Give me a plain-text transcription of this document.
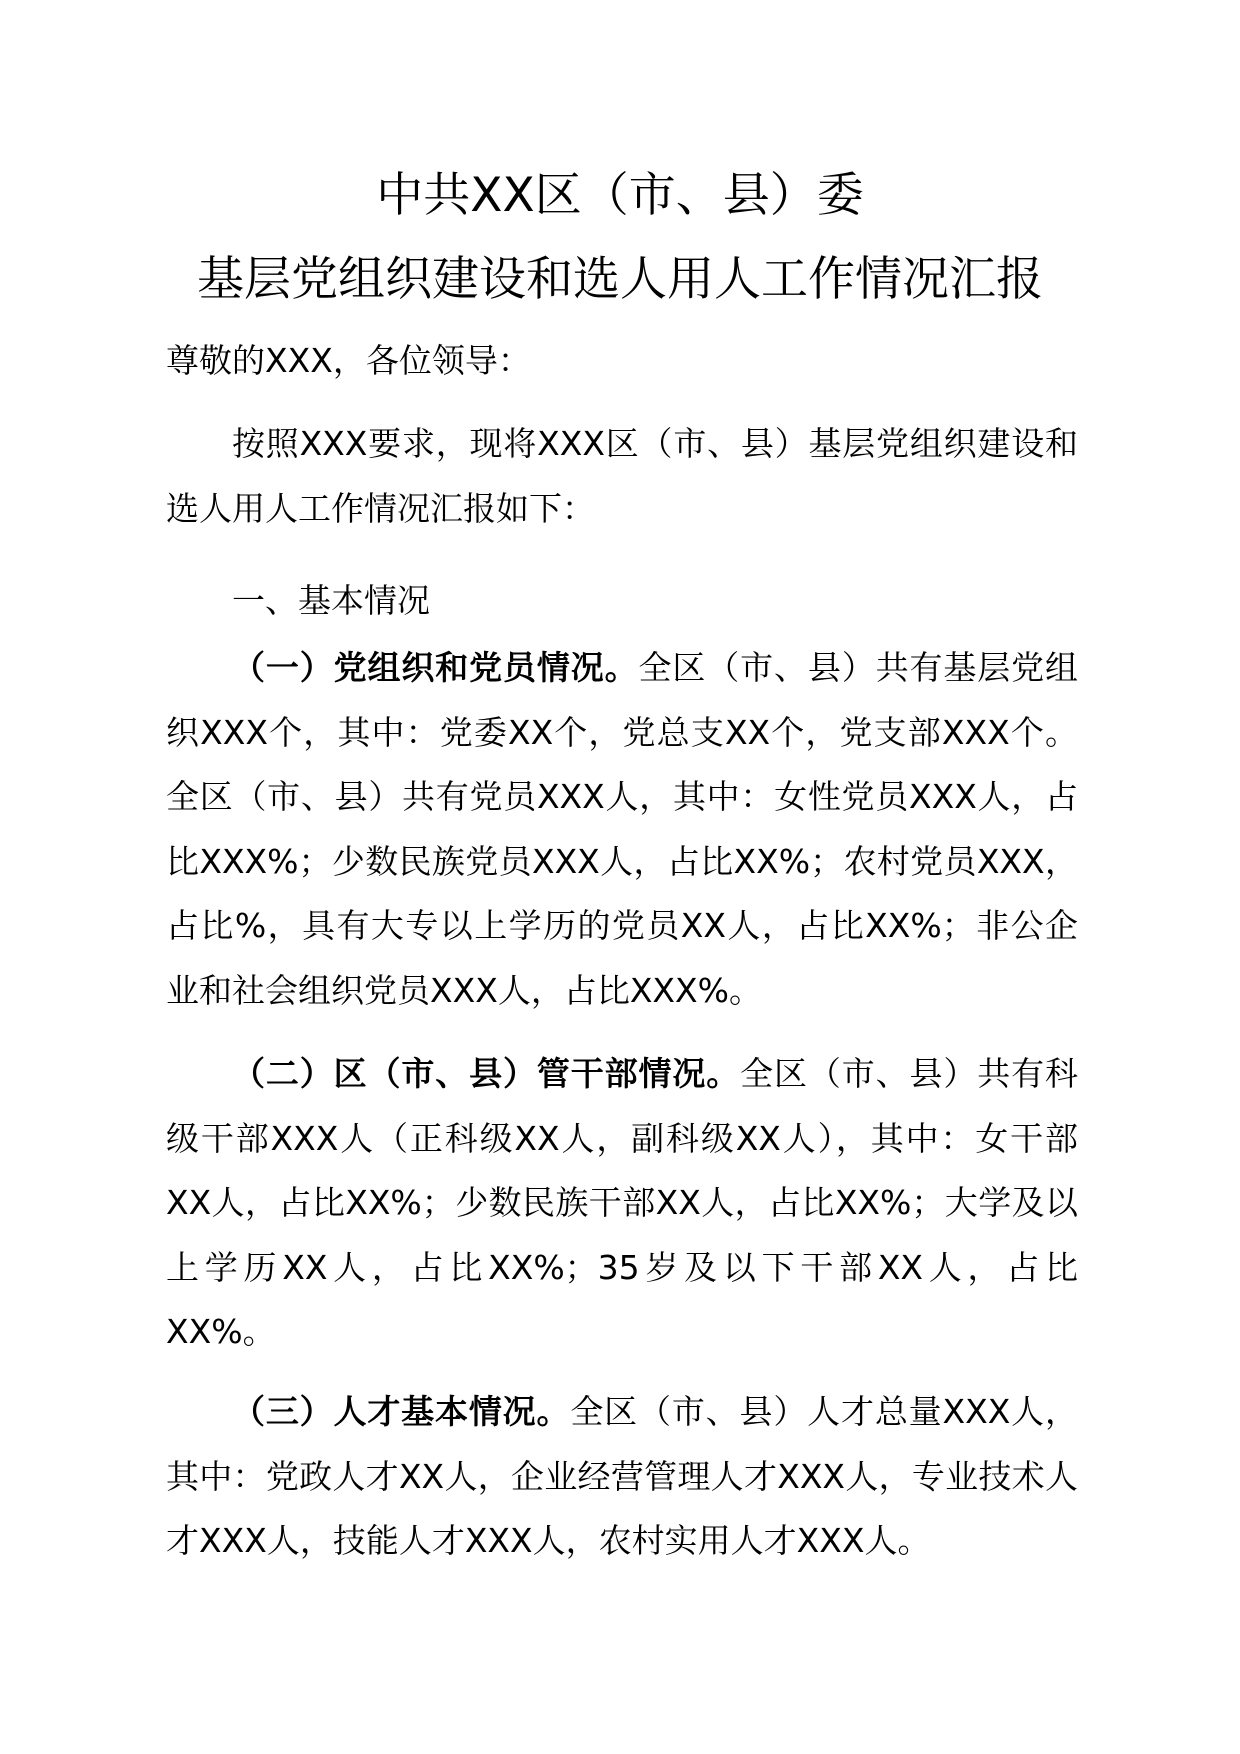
中共XX区（市、县）委
基层党组织建设和选人用人工作情况汇报
尊敬的XXX，各位领导：
按照XXX要求，现将XXX区（市、县）基层党组织建设和选人用人工作情况汇报如下：
一、基本情况
（一）党组织和党员情况。全区（市、县）共有基层党组织XXX个，其中：党委XX个，党总支XX个，党支部XXX个。全区（市、县）共有党员XXX人，其中：女性党员XXX人，占比XXX%；少数民族党员XXX人，占比XX%；农村党员XXX，占比%，具有大专以上学历的党员XX人，占比XX%；非公企业和社会组织党员XXX人，占比XXX%。
（二）区（市、县）管干部情况。全区（市、县）共有科级干部XXX人（正科级XX人，副科级XX人），其中：女干部XX人，占比XX%；少数民族干部XX人，占比XX%；大学及以上学历XX人，占比XX%；35岁及以下干部XX人，占比XX%。
（三）人才基本情况。全区（市、县）人才总量XXX人，其中：党政人才XX人，企业经营管理人才XXX人，专业技术人才XXX人，技能人才XXX人，农村实用人才XXX人。
